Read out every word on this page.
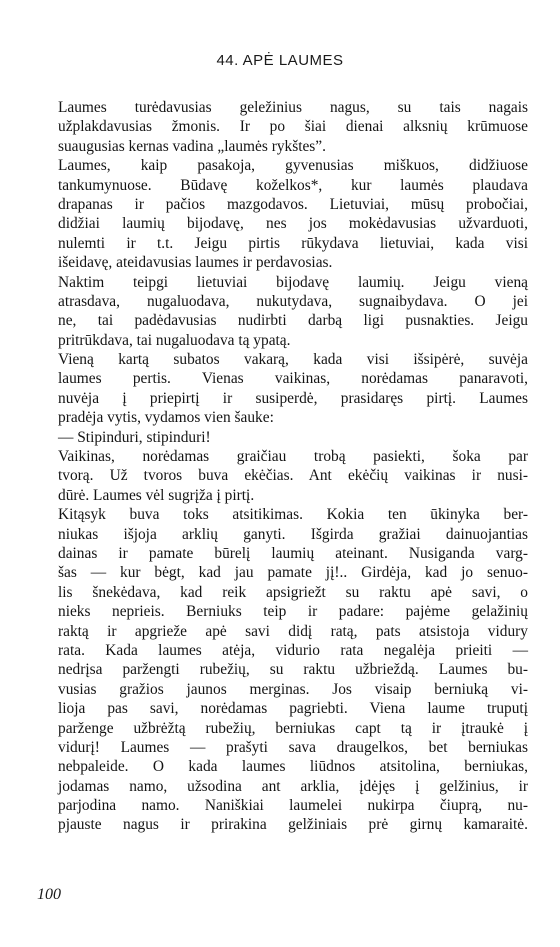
44. APĖ LAUMES
Laumes turėdavusias geležinius nagus, su tais nagais
užplakdavusias žmonis. Ir po šiai dienai alksnių krūmuose
suaugusias kernas vadina „laumės rykštes”.
Laumes, kaip pasakoja, gyvenusias miškuos, didžiuose
tankumynuose. Būdavę koželkos*, kur laumės plaudava
drapanas ir pačios mazgodavos. Lietuviai, mūsų probočiai,
didžiai laumių bijodavę, nes jos mokėdavusias užvarduoti,
nulemti ir t.t. Jeigu pirtis rūkydava lietuviai, kada visi
išeidavę, ateidavusias laumes ir perdavosias.
Naktim teipgi lietuviai bijodavę laumių. Jeigu vieną
atrasdava, nugaluodava, nukutydava, sugnaibydava. O jei
ne, tai padėdavusias nudirbti darbą ligi pusnakties. Jeigu
pritrūkdava, tai nugaluodava tą ypatą.
Vieną kartą subatos vakarą, kada visi išsipėrė, suvėja
laumes pertis. Vienas vaikinas, norėdamas panaravoti,
nuvėja į priepirtį ir susiperdė, prasidaręs pirtį. Laumes
pradėja vytis, vydamos vien šauke:
— Stipinduri, stipinduri!
Vaikinas, norėdamas graičiau trobą pasiekti, šoka par
tvorą. Už tvoros buva ekėčias. Ant ekėčių vaikinas ir nusi-
dūrė. Laumes vėl sugrįža į pirtį.
Kitąsyk buva toks atsitikimas. Kokia ten ūkinyka ber-
niukas išjoja arklių ganyti. Išgirda gražiai dainuojantias
dainas ir pamate būrelį laumių ateinant. Nusiganda varg-
šas — kur bėgt, kad jau pamate jį!.. Girdėja, kad jo senuo-
lis šnekėdava, kad reik apsigriežt su raktu apė savi, o
nieks neprieis. Berniuks teip ir padare: pajėme gelažinių
raktą ir apgrieže apė savi didį ratą, pats atsistoja vidury
rata. Kada laumes atėja, vidurio rata negalėja prieiti —
nedrįsa paržengti rubežių, su raktu užbrieždą. Laumes bu-
vusias gražios jaunos merginas. Jos visaip berniuką vi-
lioja pas savi, norėdamas pagriebti. Viena laume truputį
parženge užbrėžtą rubežių, berniukas capt tą ir įtraukė į
vidurį! Laumes — prašyti sava draugelkos, bet berniukas
nebpaleide. O kada laumes liūdnos atsitolina, berniukas,
jodamas namo, užsodina ant arklia, įdėjęs į gelžinius, ir
parjodina namo. Naniškiai laumelei nukirpa čiuprą, nu-
pjauste nagus ir prirakina gelžiniais prė girnų kamaraitė.
100
